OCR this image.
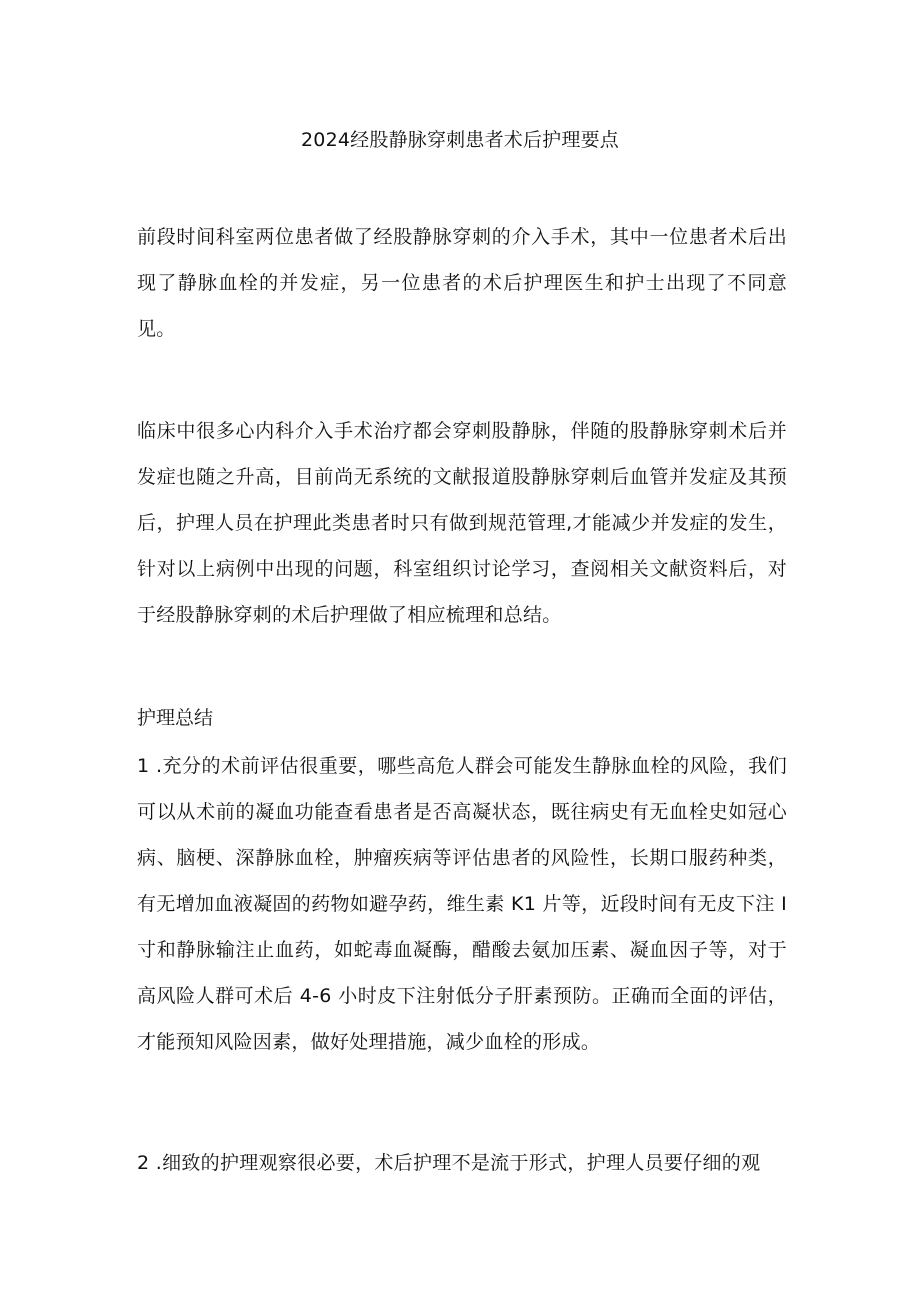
2024经股静脉穿刺患者术后护理要点

前段时间科室两位患者做了经股静脉穿刺的介入手术，其中一位患者术后出现了静脉血栓的并发症，另一位患者的术后护理医生和护士出现了不同意见。

临床中很多心内科介入手术治疗都会穿刺股静脉，伴随的股静脉穿刺术后并发症也随之升高，目前尚无系统的文献报道股静脉穿刺后血管并发症及其预后，护理人员在护理此类患者时只有做到规范管理,才能减少并发症的发生，针对以上病例中出现的问题，科室组织讨论学习，查阅相关文献资料后，对于经股静脉穿刺的术后护理做了相应梳理和总结。

护理总结

1 .充分的术前评估很重要，哪些高危人群会可能发生静脉血栓的风险，我们可以从术前的凝血功能查看患者是否高凝状态，既往病史有无血栓史如冠心病、脑梗、深静脉血栓，肿瘤疾病等评估患者的风险性，长期口服药种类，有无增加血液凝固的药物如避孕药，维生素 K1 片等，近段时间有无皮下注 I 寸和静脉输注止血药，如蛇毒血凝酶，醋酸去氨加压素、凝血因子等，对于高风险人群可术后 4-6 小时皮下注射低分子肝素预防。正确而全面的评估，才能预知风险因素，做好处理措施，减少血栓的形成。

2 .细致的护理观察很必要，术后护理不是流于形式，护理人员要仔细的观
